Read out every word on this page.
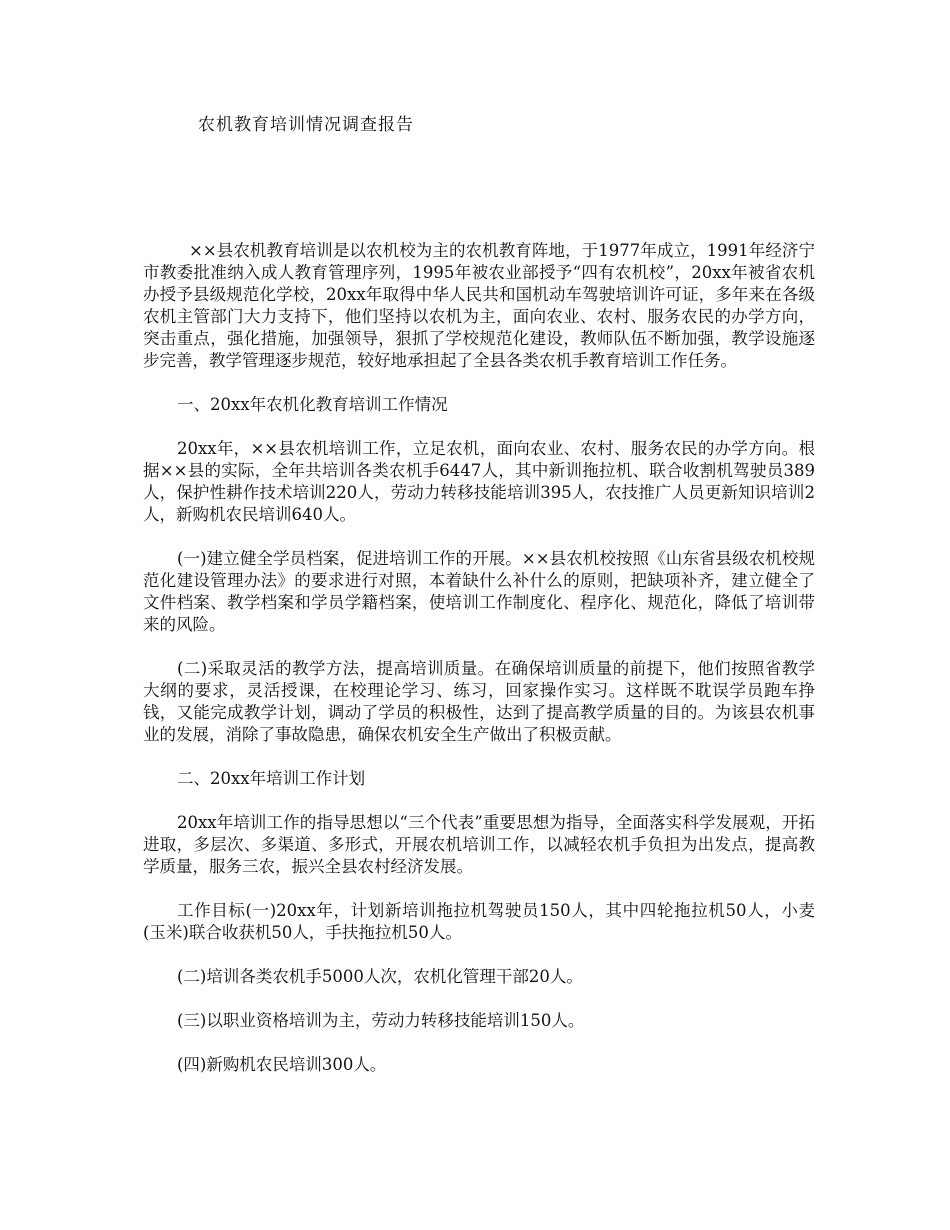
农机教育培训情况调查报告

××县农机教育培训是以农机校为主的农机教育阵地，于1977年成立，1991年经济宁市教委批准纳入成人教育管理序列，1995年被农业部授予“四有农机校”，20xx年被省农机办授予县级规范化学校，20xx年取得中华人民共和国机动车驾驶培训许可证，多年来在各级农机主管部门大力支持下，他们坚持以农机为主，面向农业、农村、服务农民的办学方向，突击重点，强化措施，加强领导，狠抓了学校规范化建设，教师队伍不断加强，教学设施逐步完善，教学管理逐步规范，较好地承担起了全县各类农机手教育培训工作任务。

一、20xx年农机化教育培训工作情况

20xx年，××县农机培训工作，立足农机，面向农业、农村、服务农民的办学方向。根据××县的实际，全年共培训各类农机手6447人，其中新训拖拉机、联合收割机驾驶员389人，保护性耕作技术培训220人，劳动力转移技能培训395人，农技推广人员更新知识培训2人，新购机农民培训640人。

(一)建立健全学员档案，促进培训工作的开展。××县农机校按照《山东省县级农机校规范化建设管理办法》的要求进行对照，本着缺什么补什么的原则，把缺项补齐，建立健全了文件档案、教学档案和学员学籍档案，使培训工作制度化、程序化、规范化，降低了培训带来的风险。

(二)采取灵活的教学方法，提高培训质量。在确保培训质量的前提下，他们按照省教学大纲的要求，灵活授课，在校理论学习、练习，回家操作实习。这样既不耽误学员跑车挣钱，又能完成教学计划，调动了学员的积极性，达到了提高教学质量的目的。为该县农机事业的发展，消除了事故隐患，确保农机安全生产做出了积极贡献。

二、20xx年培训工作计划

20xx年培训工作的指导思想以“三个代表”重要思想为指导，全面落实科学发展观，开拓进取，多层次、多渠道、多形式，开展农机培训工作，以减轻农机手负担为出发点，提高教学质量，服务三农，振兴全县农村经济发展。

工作目标(一)20xx年，计划新培训拖拉机驾驶员150人，其中四轮拖拉机50人，小麦(玉米)联合收获机50人，手扶拖拉机50人。

(二)培训各类农机手5000人次，农机化管理干部20人。

(三)以职业资格培训为主，劳动力转移技能培训150人。

(四)新购机农民培训300人。
